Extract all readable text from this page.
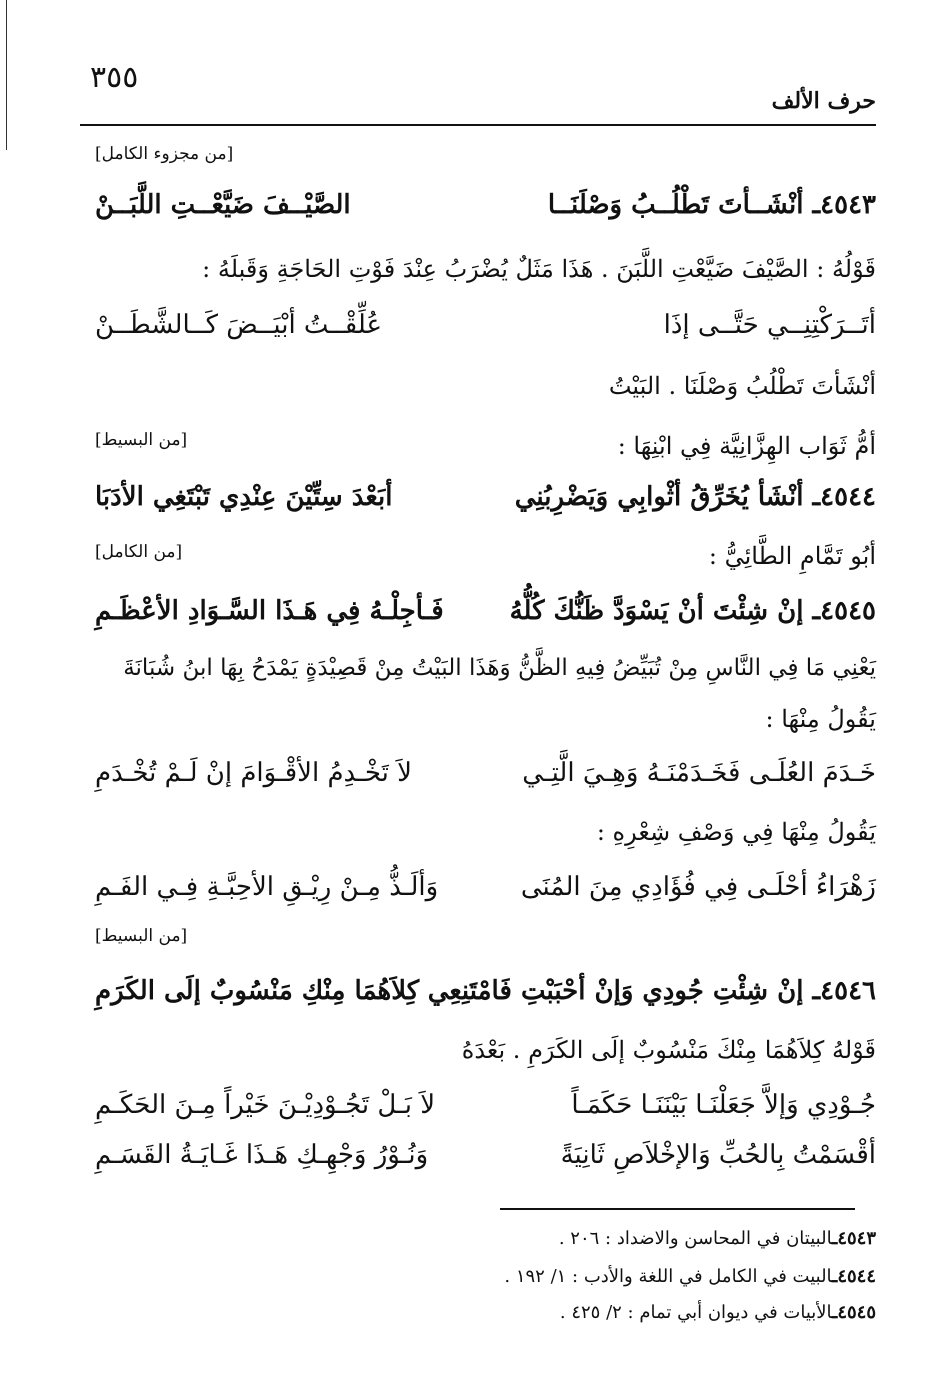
حرف الألف
٣٥٥
[من مجزوء الكامل]
٤٥٤٣ـ أنْشَــأتَ تَطْلُــبُ وَصْلَنَــا
الصَّيْــفَ ضَيَّعْــتِ اللَّبَــنْ
قَوْلُهُ : الصَّيْفَ ضَيَّعْتِ اللَّبَنَ . هَذَا مَثَلٌ يُضْرَبُ عِنْدَ فَوْتِ الحَاجَةِ وَقَبلَهُ :
أتَــرَكْتِنِــي حَتَّــى إذَا
عُلِّقْــتُ أبْيَــضَ كَــالشَّطَــنْ
أنْشَأتَ تَطْلُبُ وَصْلَنَا . البَيْتُ
[من البسيط]	أمُّ ثَوَاب الهِزَّانِيَّة فِي ابْنِهَا :
٤٥٤٤ـ أنْشَأ يُخَرِّقُ أثْوابِي وَيَضْرِبُنِي
أبَعْدَ سِتِّيْنَ عِنْدِي تَبْتَغِي الأدَبَا
[من الكامل]	أبُو تَمَّامِ الطَّائِيُّ :
٤٥٤٥ـ إنْ شِئْتَ أنْ يَسْوَدَّ ظَنُّكَ كُلُّهُ
فَـأجِلْـهُ فِي هَـذَا السَّـوَادِ الأعْظَـمِ
يَعْنِي مَا فِي النَّاسِ مِنْ تُبَيِّضُ فِيهِ الظَّنُّ وَهَذَا البَيْتُ مِنْ قَصِيْدَةٍ يَمْدَحُ بِهَا ابنُ شُبَانَةَ
يَقُولُ مِنْهَا :
خَـدَمَ العُلَـى فَخَـدَمْنَـهُ وَهِـيَ الَّتِـي
لاَ تَخْـدِمُ الأقْـوَامَ إنْ لَـمْ تُخْـدَمِ
يَقُولُ مِنْهَا فِي وَصْفِ شِعْرِهِ :
زَهْرَاءُ أحْلَـى فِي فُؤَادِي مِنَ المُنَى
وَألَـذُّ مِـنْ رِيْـقِ الأحِبَّـةِ فِـي الفَـمِ
[من البسيط]
٤٥٤٦ـ إنْ شِئْتِ جُودِي وَإنْ أحْبَبْتِ فَامْتَنِعِي
كِلاَهُمَا مِنْكِ مَنْسُوبٌ إلَى الكَرَمِ
قَوْلهُ كِلاَهُمَا مِنْكَ مَنْسُوبٌ إلَى الكَرَمِ . بَعْدَهُ
جُـوْدِي وَإلاَّ جَعَلْنَـا بَيْنَنَـا حَكَمَـاً
لاَ بَـلْ تَجُـوْدِيْـنَ خَيْراً مِـنَ الحَكَـمِ
أقْسَمْتُ بِالحُبِّ وَالإخْلاَصِ ثَانِيَةً
وَنُـوْرُ وَجْهِـكِ هَـذَا غَـايَـةُ القَسَـمِ
٤٥٤٣ـالبيتان في المحاسن والاضداد : ٢٠٦ .
٤٥٤٤ـالبيت في الكامل في اللغة والأدب : ١/ ١٩٢ .
٤٥٤٥ـالأبيات في ديوان أبي تمام : ٢/ ٤٢٥ .
